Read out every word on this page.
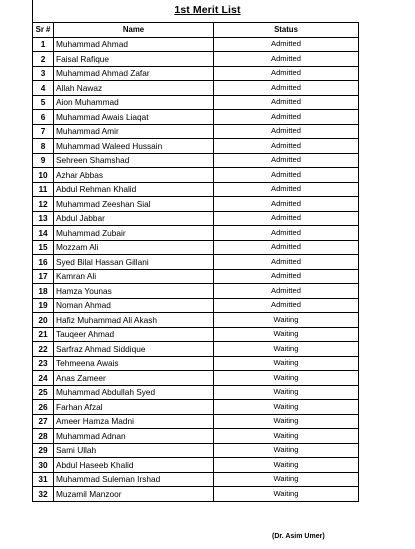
1st Merit List
Sr #	Name	Status
1	Muhammad Ahmad	Admitted
2	Faisal Rafique	Admitted
3	Muhammad Ahmad Zafar	Admitted
4	Allah Nawaz	Admitted
5	Aion Muhammad	Admitted
6	Muhammad Awais Liaqat	Admitted
7	Muhammad Amir	Admitted
8	Muhammad Waleed Hussain	Admitted
9	Sehreen Shamshad	Admitted
10	Azhar Abbas	Admitted
11	Abdul Rehman Khalid	Admitted
12	Muhammad Zeeshan Sial	Admitted
13	Abdul Jabbar	Admitted
14	Muhammad Zubair	Admitted
15	Mozzam Ali	Admitted
16	Syed Bilal Hassan Gillani	Admitted
17	Kamran Ali	Admitted
18	Hamza Younas	Admitted
19	Noman Ahmad	Admitted
20	Hafiz Muhammad Ali Akash	Waiting
21	Tauqeer Ahmad	Waiting
22	Sarfraz Ahmad Siddique	Waiting
23	Tehmeena Awais	Waiting
24	Anas Zameer	Waiting
25	Muhammad Abdullah Syed	Waiting
26	Farhan Afzal	Waiting
27	Ameer Hamza Madni	Waiting
28	Muhammad Adnan	Waiting
29	Sami Ullah	Waiting
30	Abdul Haseeb Khalid	Waiting
31	Muhammad Suleman Irshad	Waiting
32	Muzamil Manzoor	Waiting
(Dr. Asim Umer)
